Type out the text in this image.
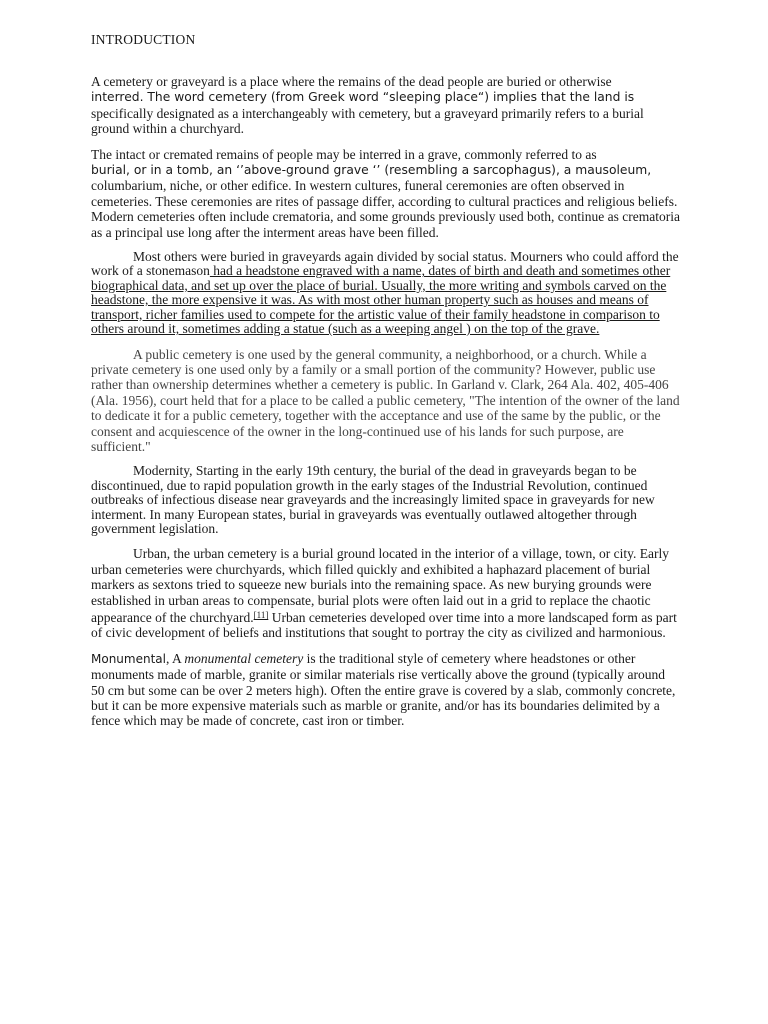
INTRODUCTION

A cemetery or graveyard is a place where the remains of the dead people are buried or otherwise
interred. The word cemetery (from Greek word “sleeping place“) implies that the land is
specifically designated as a interchangeably with cemetery, but a graveyard primarily refers to a burial ground within a churchyard.

The intact or cremated remains of people may be interred in a grave, commonly referred to as
burial, or in a tomb, an ‘’above-ground grave ‘’ (resembling a sarcophagus), a mausoleum,
columbarium, niche, or other edifice. In western cultures, funeral ceremonies are often observed in cemeteries. These ceremonies are rites of passage differ, according to cultural practices and religious beliefs. Modern cemeteries often include crematoria, and some grounds previously used both, continue as crematoria as a principal use long after the interment areas have been filled.

Most others were buried in graveyards again divided by social status. Mourners who could afford the work of a stonemason had a headstone engraved with a name, dates of birth and death and sometimes other biographical data, and set up over the place of burial. Usually, the more writing and symbols carved on the headstone, the more expensive it was. As with most other human property such as houses and means of transport, richer families used to compete for the artistic value of their family headstone in comparison to others around it, sometimes adding a statue (such as a weeping angel ) on the top of the grave.

A public cemetery is one used by the general community, a neighborhood, or a church. While a private cemetery is one used only by a family or a small portion of the community? However, public use rather than ownership determines whether a cemetery is public. In Garland v. Clark, 264 Ala. 402, 405-406 (Ala. 1956), court held that for a place to be called a public cemetery, "The intention of the owner of the land to dedicate it for a public cemetery, together with the acceptance and use of the same by the public, or the consent and acquiescence of the owner in the long-continued use of his lands for such purpose, are sufficient."

Modernity, Starting in the early 19th century, the burial of the dead in graveyards began to be discontinued, due to rapid population growth in the early stages of the Industrial Revolution, continued outbreaks of infectious disease near graveyards and the increasingly limited space in graveyards for new interment. In many European states, burial in graveyards was eventually outlawed altogether through government legislation.

Urban, the urban cemetery is a burial ground located in the interior of a village, town, or city. Early urban cemeteries were churchyards, which filled quickly and exhibited a haphazard placement of burial markers as sextons tried to squeeze new burials into the remaining space. As new burying grounds were established in urban areas to compensate, burial plots were often laid out in a grid to replace the chaotic appearance of the churchyard.[11] Urban cemeteries developed over time into a more landscaped form as part of civic development of beliefs and institutions that sought to portray the city as civilized and harmonious.

Monumental, A monumental cemetery is the traditional style of cemetery where headstones or other monuments made of marble, granite or similar materials rise vertically above the ground (typically around 50 cm but some can be over 2 meters high). Often the entire grave is covered by a slab, commonly concrete, but it can be more expensive materials such as marble or granite, and/or has its boundaries delimited by a fence which may be made of concrete, cast iron or timber.
